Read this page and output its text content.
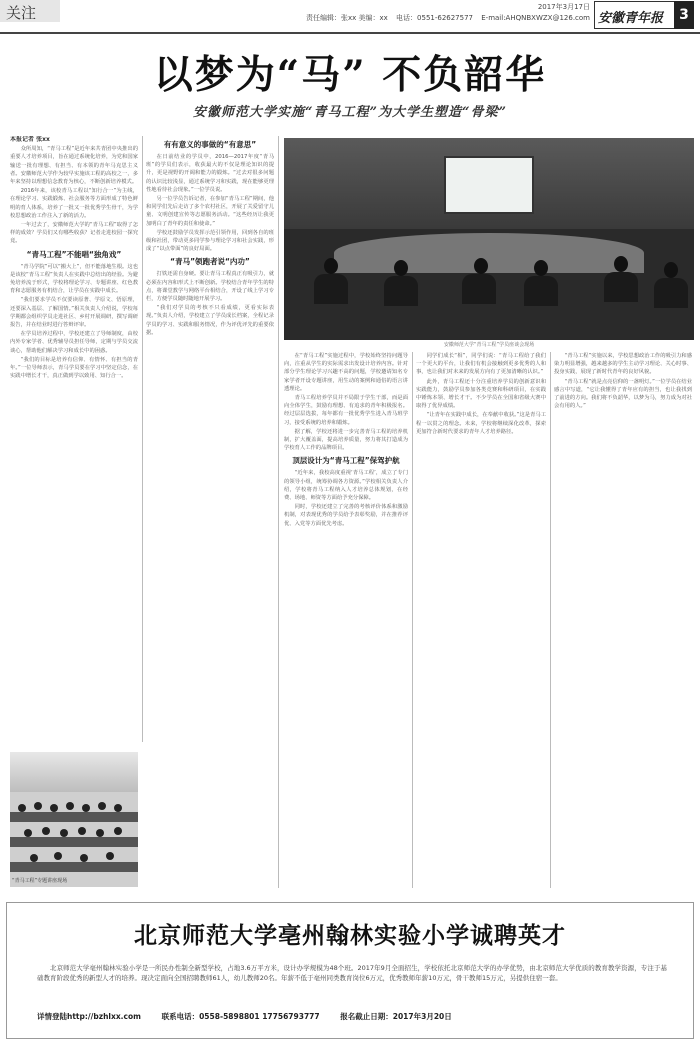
关注	2017年3月17日
责任编辑：张xx 美编：xx 电话：0551-62627577 E-mail:AHQNBXWZX@126.com 安徽青年报	3
以梦为“马” 不负韶华
安徽师范大学实施“青马工程”为大学生塑造“骨梁”

本报记者 张xx

众所周知，“青马工程”是近年来共青团中央推出的重要人才培养项目，旨在通过系统化培养，为党和国家输送一批有理想、有担当、有本领的青年马克思主义者。安徽师范大学作为较早实施该工程的高校之一，多年来坚持以理想信念教育为核心，不断创新培养模式。

2016年来，该校青马工程以“知行合一”为主线，在理论学习、实践锻炼、社会服务等方面形成了特色鲜明的育人体系，培养了一批又一批优秀学生骨干，为学校思想政治工作注入了新的活力。

一年过去了，安徽师范大学的“青马工程”取得了怎样的成效？学员们又有哪些收获？记者走进校园一探究竟。

“青马工程”不能唱“独角戏”

“青马学院”可以“搬大上”，但不能落地生根。这也是该校“青马工程”负责人在实践中总结出的经验。为避免培养流于形式，学校将理论学习、专题讲座、红色教育和志愿服务有机结合，让学员在实践中成长。

“我们要求学员不仅要读原著、学原文、悟原理，还要深入基层、了解国情。”相关负责人介绍说，学校每学期都会组织学员走进社区、乡村开展调研，撰写调研报告，并在结业时进行答辩评审。

在学员培养过程中，学校还建立了导师制度，由校内外专家学者、优秀辅导员担任导师，定期与学员交流谈心，帮助他们解决学习和成长中的困惑。

“我们的目标是培养有信仰、有情怀、有担当的青年。”一位导师表示，青马学员要在学习中坚定信念，在实践中增长才干，真正做到学以致用、知行合一。

有有意义的事做的“有意思”

在日前结业的学员中，2016—2017年度“青马班”的学员们表示，收获最大的不仅是理论知识的提升，更是视野的开阔和能力的锻炼。“过去对很多问题的认识比较浅显，通过系统学习和实践，现在能够更理性地看待社会现象。”一位学员说。

另一位学员告诉记者，在参加“青马工程”期间，他和同学们先后走访了多个农村社区，开展了关爱留守儿童、文明创建宣传等志愿服务活动。“这些经历让我更加明白了青年的责任和使命。”

学校还鼓励学员发挥示范引领作用，回到各自的班级和社团，带动更多同学参与理论学习和社会实践，形成了“以点带面”的良好局面。

“青马”领跑者说“内功”

打铁还需自身硬。要让青马工程真正有吸引力，就必须在内容和形式上不断创新。学校结合青年学生的特点，将课堂教学与网络平台相结合，开设了线上学习专栏，方便学员随时随地开展学习。

“我们对学员的考核不只看成绩，更看实际表现。”负责人介绍，学校建立了学员成长档案，全程记录学员的学习、实践和服务情况，作为评优评先的重要依据。

安徽师范大学“青马工程”学员座谈会现场

在“青马工程”实施过程中，学校始终坚持问题导向，注重从学生的实际需求出发设计培养内容。针对部分学生理论学习兴趣不高的问题，学校邀请知名专家学者开设专题讲座，用生动的案例和通俗的语言讲透理论。

青马工程培养学员并不局限于学生干部，而是面向全体学生，鼓励有理想、有追求的青年积极报名。经过层层选拔，每年都有一批优秀学生进入青马班学习，接受系统的培养和锻炼。

据了解，学校还将进一步完善青马工程的培养机制，扩大覆盖面，提高培养质量，努力将其打造成为学校育人工作的品牌项目。

顶层设计为“青马工程”保驾护航

“近年来，我校高度重视‘青马工程’，成立了专门的领导小组，统筹协调各方资源。”学校相关负责人介绍，学校将青马工程纳入人才培养总体规划，在经费、场地、师资等方面给予充分保障。

同时，学校还建立了完善的考核评价体系和激励机制，对表现优秀的学员给予表彰奖励，并在推荐评优、入党等方面优先考虑。

同学们成长“相”，同学们说：“青马工程给了我们一个更大的平台，让我们有机会接触到更多优秀的人和事，也让我们对未来的发展方向有了更加清晰的认识。”

此外，青马工程还十分注重培养学员的创新意识和实践能力，鼓励学员参加各类竞赛和科研项目，在实践中锤炼本领、增长才干。不少学员在全国和省级大赛中取得了优异成绩。

“让青年在实践中成长，在奉献中收获。”这是青马工程一以贯之的理念。未来，学校将继续深化改革，探索更加符合新时代要求的青年人才培养路径。

“青马工程”实施以来，学校思想政治工作的吸引力和感染力明显增强，越来越多的学生主动学习理论、关心时事、投身实践，展现了新时代青年的良好风貌。

“青马工程”就是点亮信仰的一盏明灯。”一位学员在结业感言中写道，“它让我懂得了青年应有的担当，也让我找到了前进的方向。我们将不负韶华，以梦为马，努力成为对社会有用的人。”

“青马工程”专题讲座现场
北京师范大学亳州翰林实验小学诚聘英才
北京师范大学亳州翰林实验小学是一所民办性制全新型学校，占地3.6万平方米，设计办学规模为48个班。2017年9月全面招生，学校依托北京师范大学的办学优势，由北京师范大学优质的教育教学资源，专注于基础教育阶段优秀的新型人才的培养。现决定面向全国招聘教师61人，幼儿教师20名。年薪不低于亳州同类教育岗位6万元，优秀教师年薪10万元，骨干教师15万元，另提供住宿一套。
详情登陆http://bzhlxx.com	联系电话：0558-5898801 17756793777	报名截止日期：2017年3月20日
